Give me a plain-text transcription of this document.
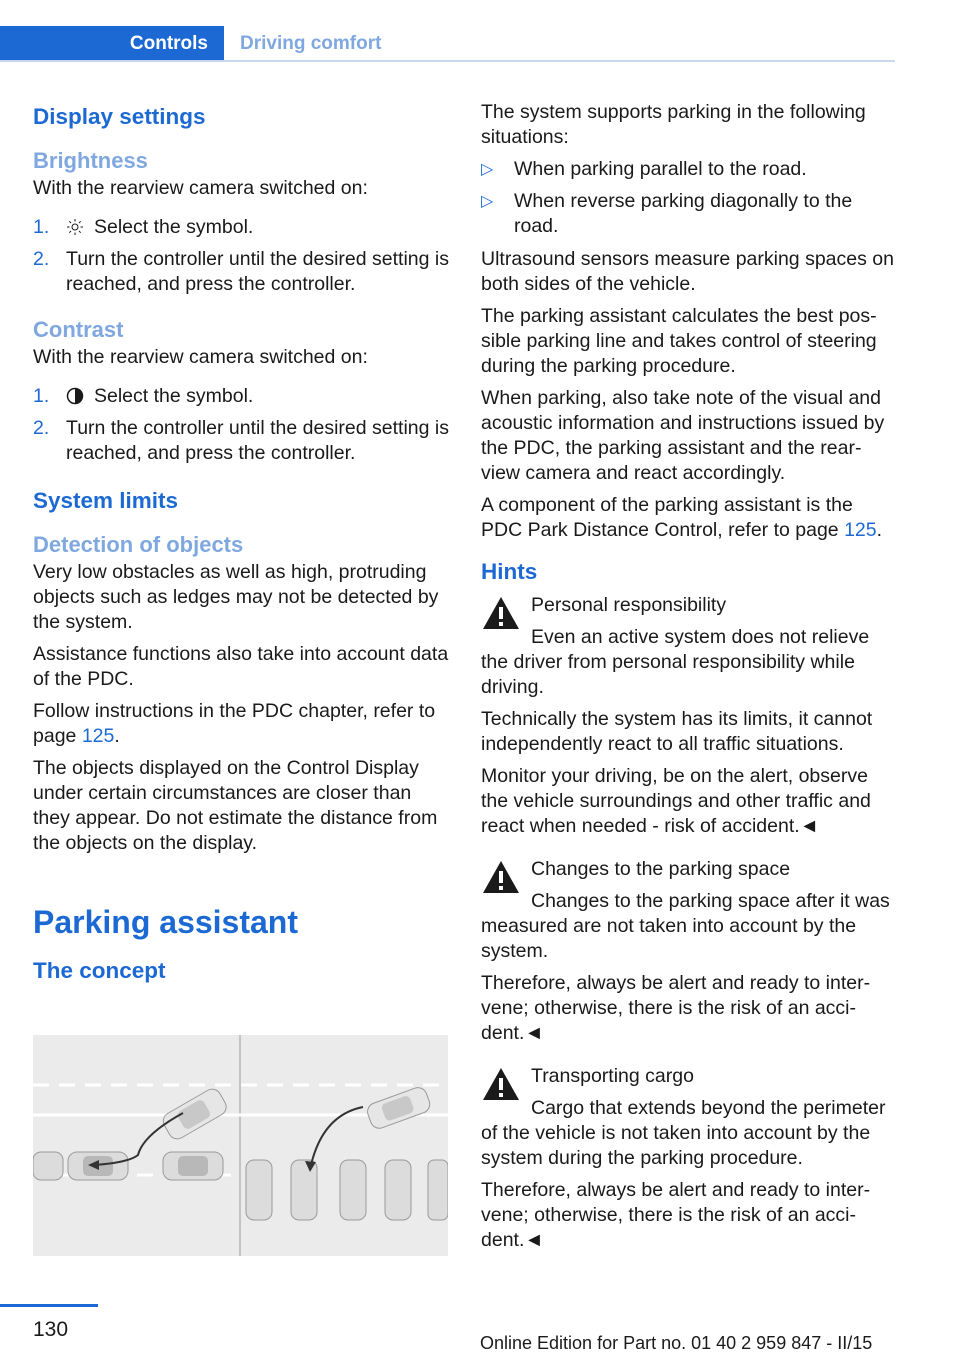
Controls	Driving comfort
Display settings
Brightness

With the rearview camera switched on:

1. Select the symbol.
2. Turn the controller until the desired setting is reached, and press the controller.
Contrast

With the rearview camera switched on:

1. Select the symbol.
2. Turn the controller until the desired setting is reached, and press the controller.
System limits
Detection of objects

Very low obstacles as well as high, protruding objects such as ledges may not be detected by the system.

Assistance functions also take into account data of the PDC.

Follow instructions in the PDC chapter, refer to page 125.

The objects displayed on the Control Display under certain circumstances are closer than they appear. Do not estimate the distance from the objects on the display.

Parking assistant
The concept

The system supports parking in the following situations:

▷ When parking parallel to the road.
▷ When reverse parking diagonally to the road.

Ultrasound sensors measure parking spaces on both sides of the vehicle.

The parking assistant calculates the best pos‐sible parking line and takes control of steering during the parking procedure.

When parking, also take note of the visual and acoustic information and instructions issued by the PDC, the parking assistant and the rear‐view camera and react accordingly.

A component of the parking assistant is the PDC Park Distance Control, refer to page 125.

Hints

Personal responsibility

Even an active system does not relieve the driver from personal responsibility while driving.

Technically the system has its limits, it cannot independently react to all traffic situations.

Monitor your driving, be on the alert, observe the vehicle surroundings and other traffic and react when needed - risk of accident.◄

Changes to the parking space

Changes to the parking space after it was measured are not taken into account by the system.

Therefore, always be alert and ready to inter‐vene; otherwise, there is the risk of an acci‐dent.◄

Transporting cargo

Cargo that extends beyond the perimeter of the vehicle is not taken into account by the system during the parking procedure.

Therefore, always be alert and ready to inter‐vene; otherwise, there is the risk of an acci‐dent.◄

130
Online Edition for Part no. 01 40 2 959 847 - II/15
